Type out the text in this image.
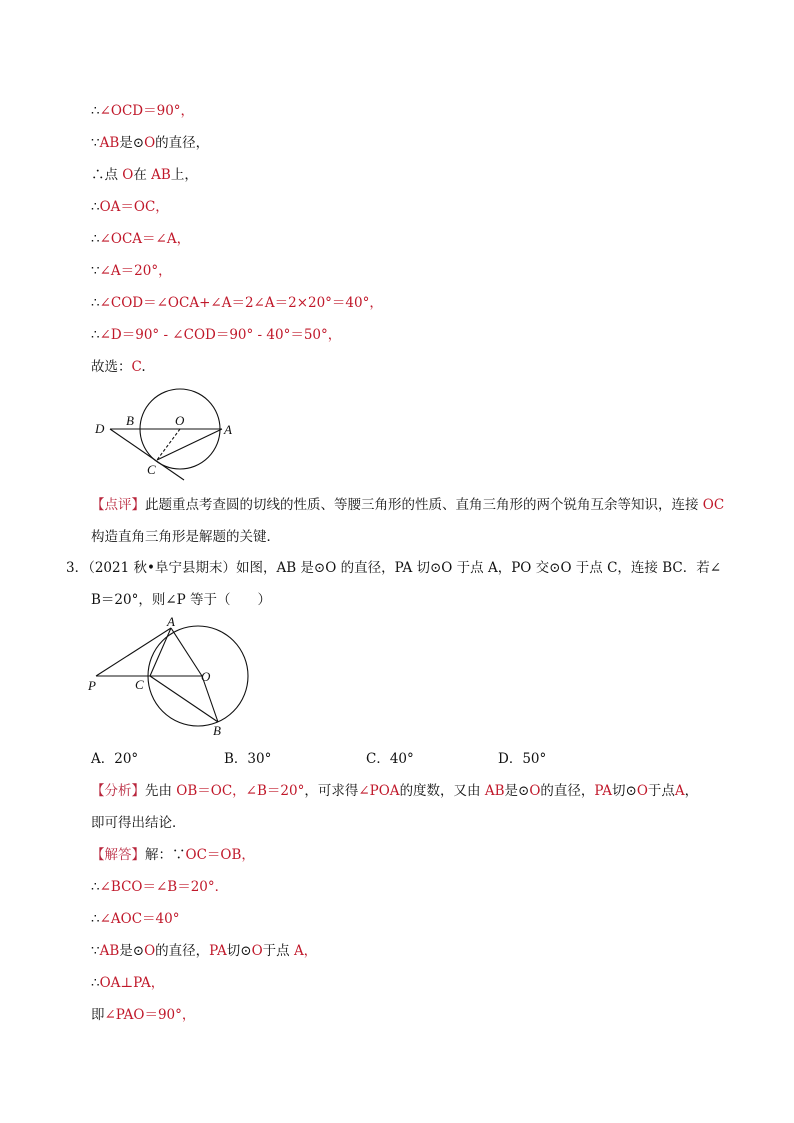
∴∠OCD＝90°，
∵AB是⊙O的直径，
∴点 O在 AB上，
∴OA＝OC，
∴∠OCA＝∠A，
∵∠A＝20°，
∴∠COD＝∠OCA+∠A＝2∠A＝2×20°＝40°，
∴∠D＝90° - ∠COD＝90° - 40°＝50°，
故选：C.
D
B	O
A
C
【点评】此题重点考查圆的切线的性质、等腰三角形的性质、直角三角形的两个锐角互余等知识，连接 OC
构造直角三角形是解题的关键．
3．（2021 秋•阜宁县期末）如图，AB 是⊙O 的直径，PA 切⊙O 于点 A，PO 交⊙O 于点 C，连接 BC．若∠
B＝20°，则∠P 等于（　　）
A
P	C
O
B
A．20°	B．30°	C．40°	D．50°
【分析】先由 OB＝OC，∠B＝20°，可求得∠POA的度数，又由 AB是⊙O的直径，PA切⊙O于点A，
即可得出结论．
【解答】解：∵OC＝OB，
∴∠BCO＝∠B＝20°．
∴∠AOC＝40°
∵AB是⊙O的直径，PA切⊙O于点 A，
∴OA⊥PA，
即∠PAO＝90°，
